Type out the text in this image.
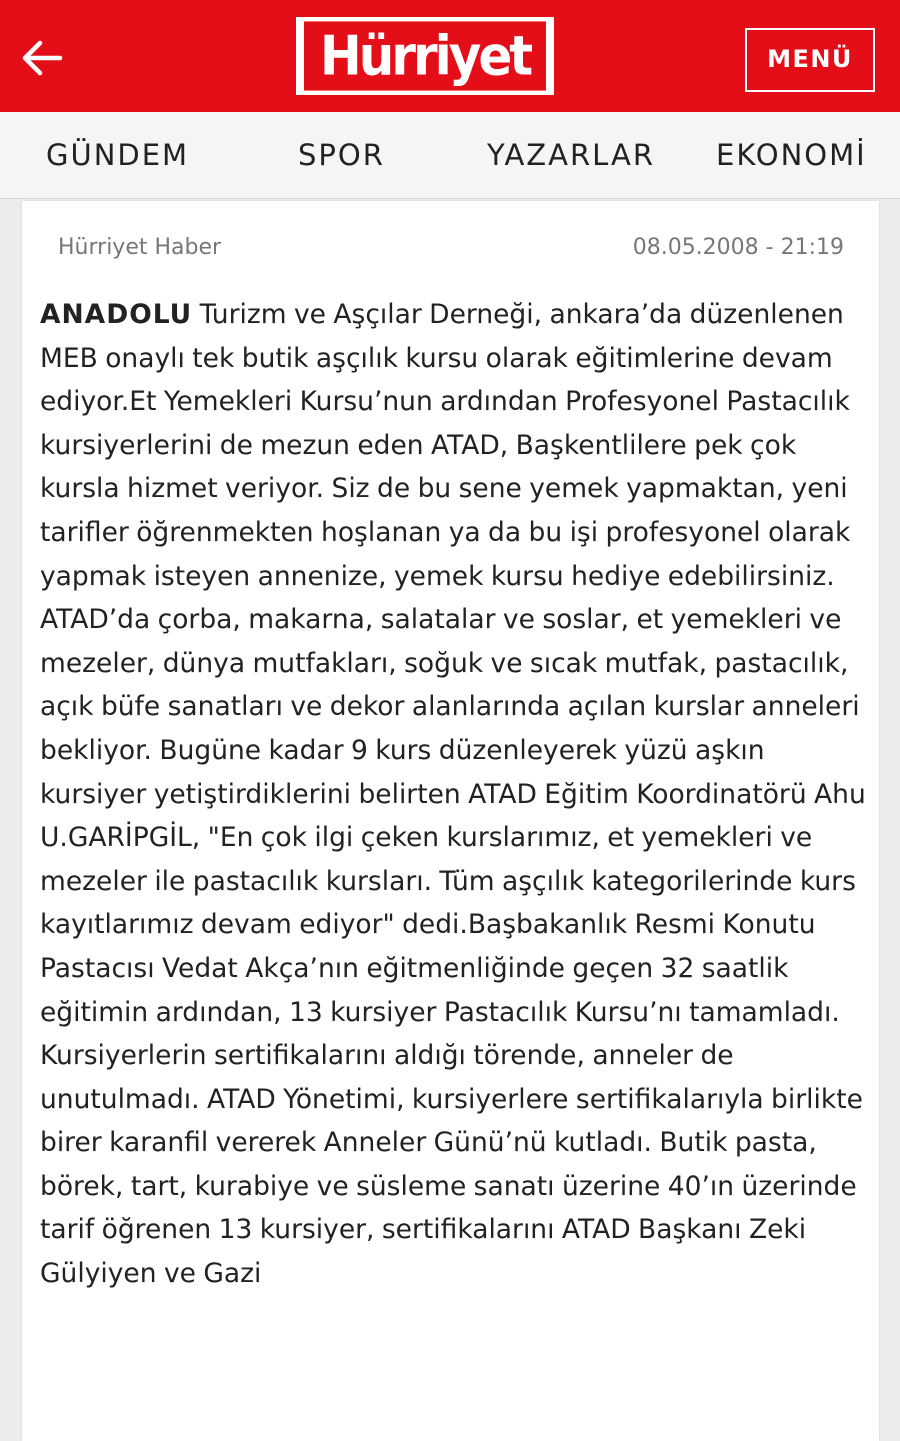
Hürriyet	MENÜ
GÜNDEM	SPOR	YAZARLAR EKONOMİ
Hürriyet Haber	08.05.2008 - 21:19
ANADOLU Turizm ve Aşçılar Derneği, ankara’da düzenlenen MEB onaylı tek butik aşçılık kursu olarak eğitimlerine devam ediyor.Et Yemekleri Kursu’nun ardından Profesyonel Pastacılık kursiyerlerini de mezun eden ATAD, Başkentlilere pek çok kursla hizmet veriyor. Siz de bu sene yemek yapmaktan, yeni tarifler öğrenmekten hoşlanan ya da bu işi profesyonel olarak yapmak isteyen annenize, yemek kursu hediye edebilirsiniz. ATAD’da çorba, makarna, salatalar ve soslar, et yemekleri ve mezeler, dünya mutfakları, soğuk ve sıcak mutfak, pastacılık, açık büfe sanatları ve dekor alanlarında açılan kurslar anneleri bekliyor. Bugüne kadar 9 kurs düzenleyerek yüzü aşkın kursiyer yetiştirdiklerini belirten ATAD Eğitim Koordinatörü Ahu U.GARİPGİL, "En çok ilgi çeken kurslarımız, et yemekleri ve mezeler ile pastacılık kursları. Tüm aşçılık kategorilerinde kurs kayıtlarımız devam ediyor" dedi.Başbakanlık Resmi Konutu Pastacısı Vedat Akça’nın eğitmenliğinde geçen 32 saatlik eğitimin ardından, 13 kursiyer Pastacılık Kursu’nı tamamladı. Kursiyerlerin sertifikalarını aldığı törende, anneler de unutulmadı. ATAD Yönetimi, kursiyerlere sertifikalarıyla birlikte birer karanfil vererek Anneler Günü’nü kutladı. Butik pasta, börek, tart, kurabiye ve süsleme sanatı üzerine 40’ın üzerinde tarif öğrenen 13 kursiyer, sertifikalarını ATAD Başkanı Zeki Gülyiyen ve Gazi
